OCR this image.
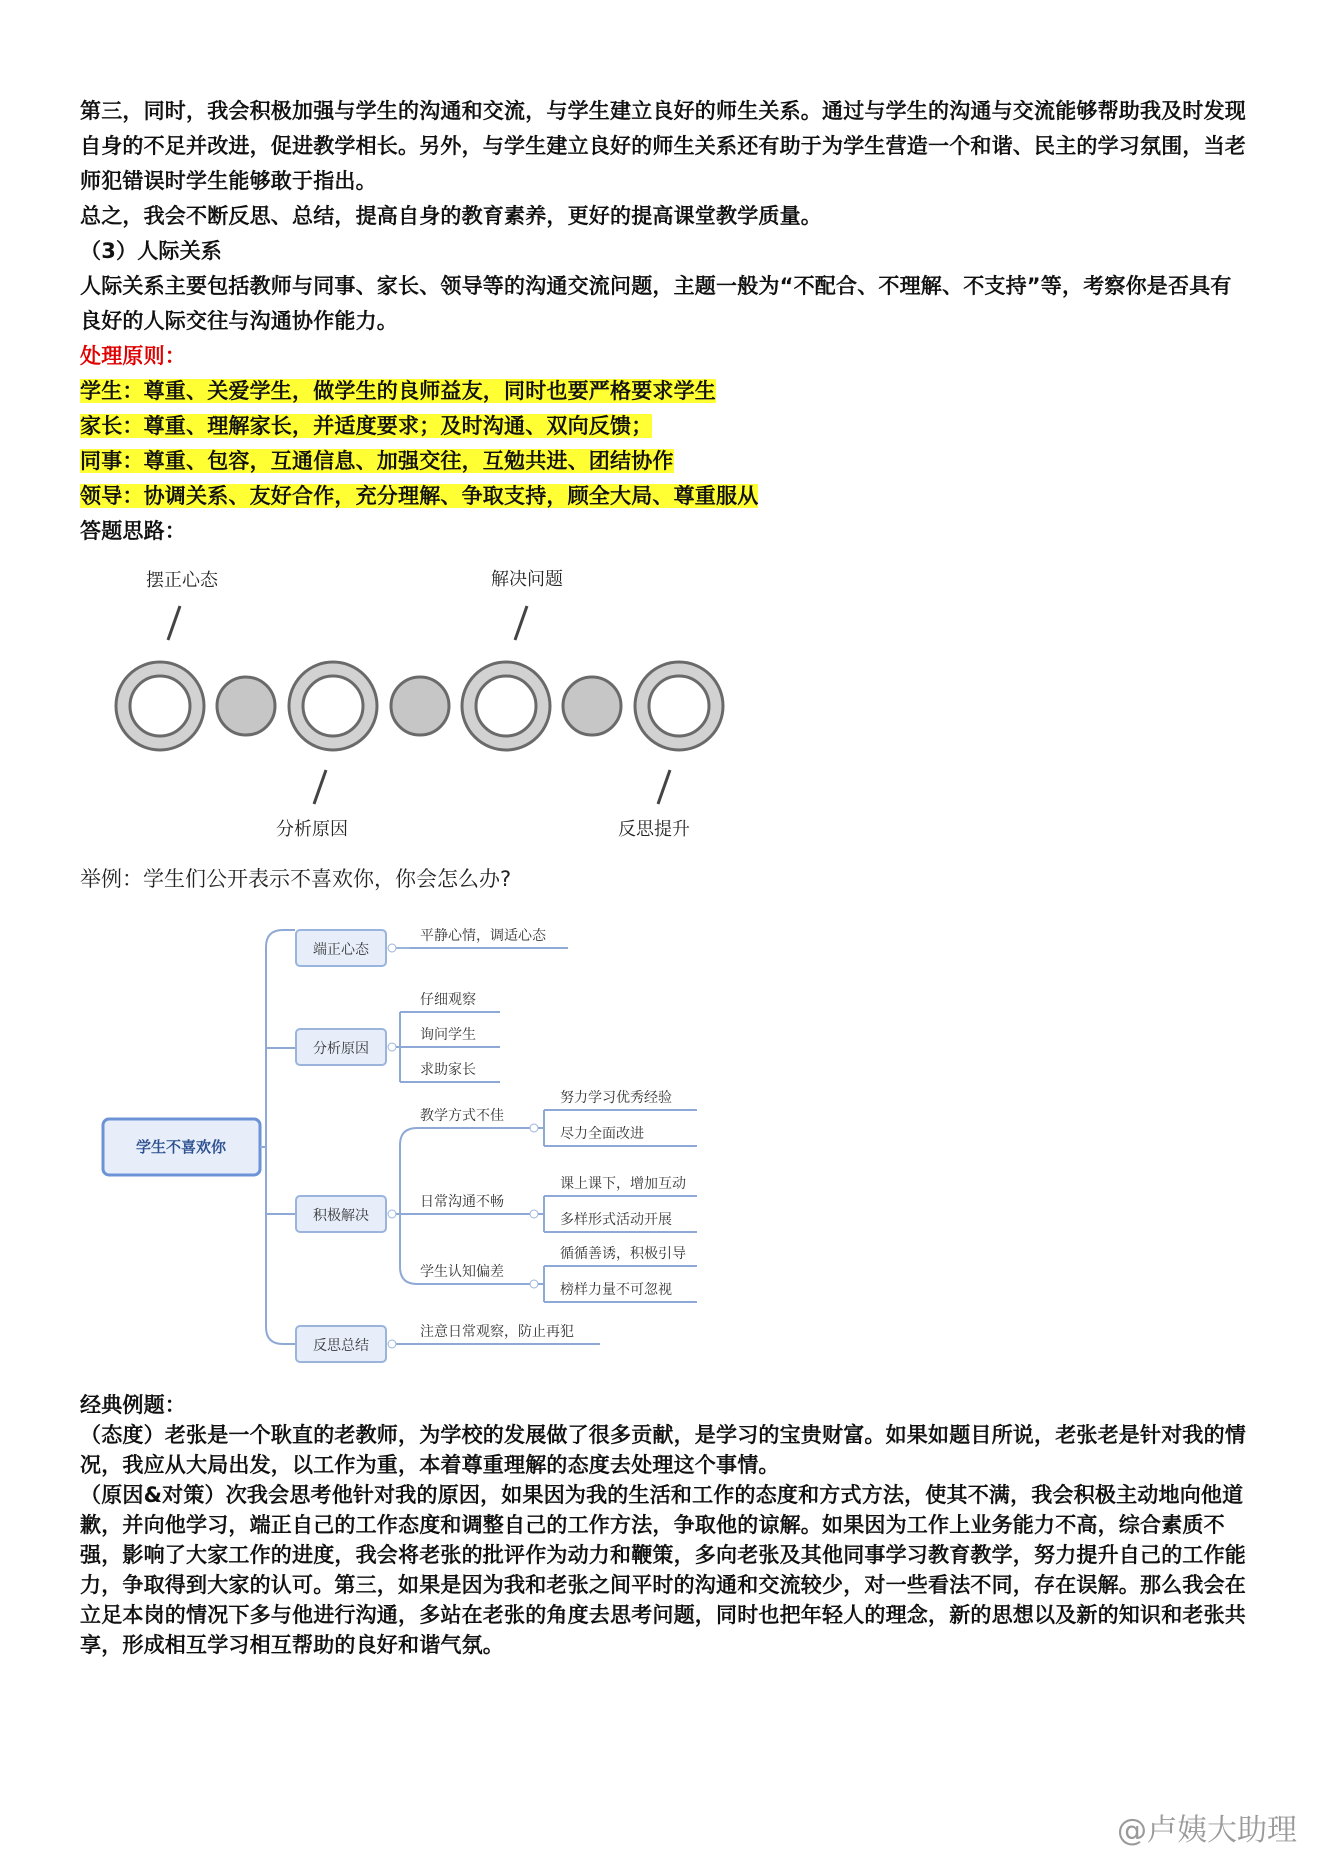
第三，同时，我会积极加强与学生的沟通和交流，与学生建立良好的师生关系。通过与学生的沟通与交流能够帮助我及时发现自身的不足并改进，促进教学相长。另外，与学生建立良好的师生关系还有助于为学生营造一个和谐、民主的学习氛围，当老师犯错误时学生能够敢于指出。

总之，我会不断反思、总结，提高自身的教育素养，更好的提高课堂教学质量。

（3）人际关系

人际关系主要包括教师与同事、家长、领导等的沟通交流问题，主题一般为“不配合、不理解、不支持”等，考察你是否具有良好的人际交往与沟通协作能力。

处理原则：

学生：尊重、关爱学生，做学生的良师益友，同时也要严格要求学生

家长：尊重、理解家长，并适度要求；及时沟通、双向反馈；

同事：尊重、包容，互通信息、加强交往，互勉共进、团结协作

领导：协调关系、友好合作，充分理解、争取支持，顾全大局、尊重服从

答题思路：

摆正心态
分析原因
解决问题
反思提升
举例：学生们公开表示不喜欢你，你会怎么办?
学生不喜欢你
端正心态
平静心情，调适心态
分析原因
仔细观察
询问学生
求助家长
积极解决
教学方式不佳
努力学习优秀经验
尽力全面改进
日常沟通不畅
课上课下，增加互动
多样形式活动开展
学生认知偏差
循循善诱，积极引导
榜样力量不可忽视
反思总结
注意日常观察，防止再犯

经典例题：

（态度）老张是一个耿直的老教师，为学校的发展做了很多贡献，是学习的宝贵财富。如果如题目所说，老张老是针对我的情况，我应从大局出发，以工作为重，本着尊重理解的态度去处理这个事情。

（原因&对策）次我会思考他针对我的原因，如果因为我的生活和工作的态度和方式方法，使其不满，我会积极主动地向他道歉，并向他学习，端正自己的工作态度和调整自己的工作方法，争取他的谅解。如果因为工作上业务能力不高，综合素质不强，影响了大家工作的进度，我会将老张的批评作为动力和鞭策，多向老张及其他同事学习教育教学，努力提升自己的工作能力，争取得到大家的认可。第三，如果是因为我和老张之间平时的沟通和交流较少，对一些看法不同，存在误解。那么我会在立足本岗的情况下多与他进行沟通，多站在老张的角度去思考问题，同时也把年轻人的理念，新的思想以及新的知识和老张共享，形成相互学习相互帮助的良好和谐气氛。

@卢姨大助理
